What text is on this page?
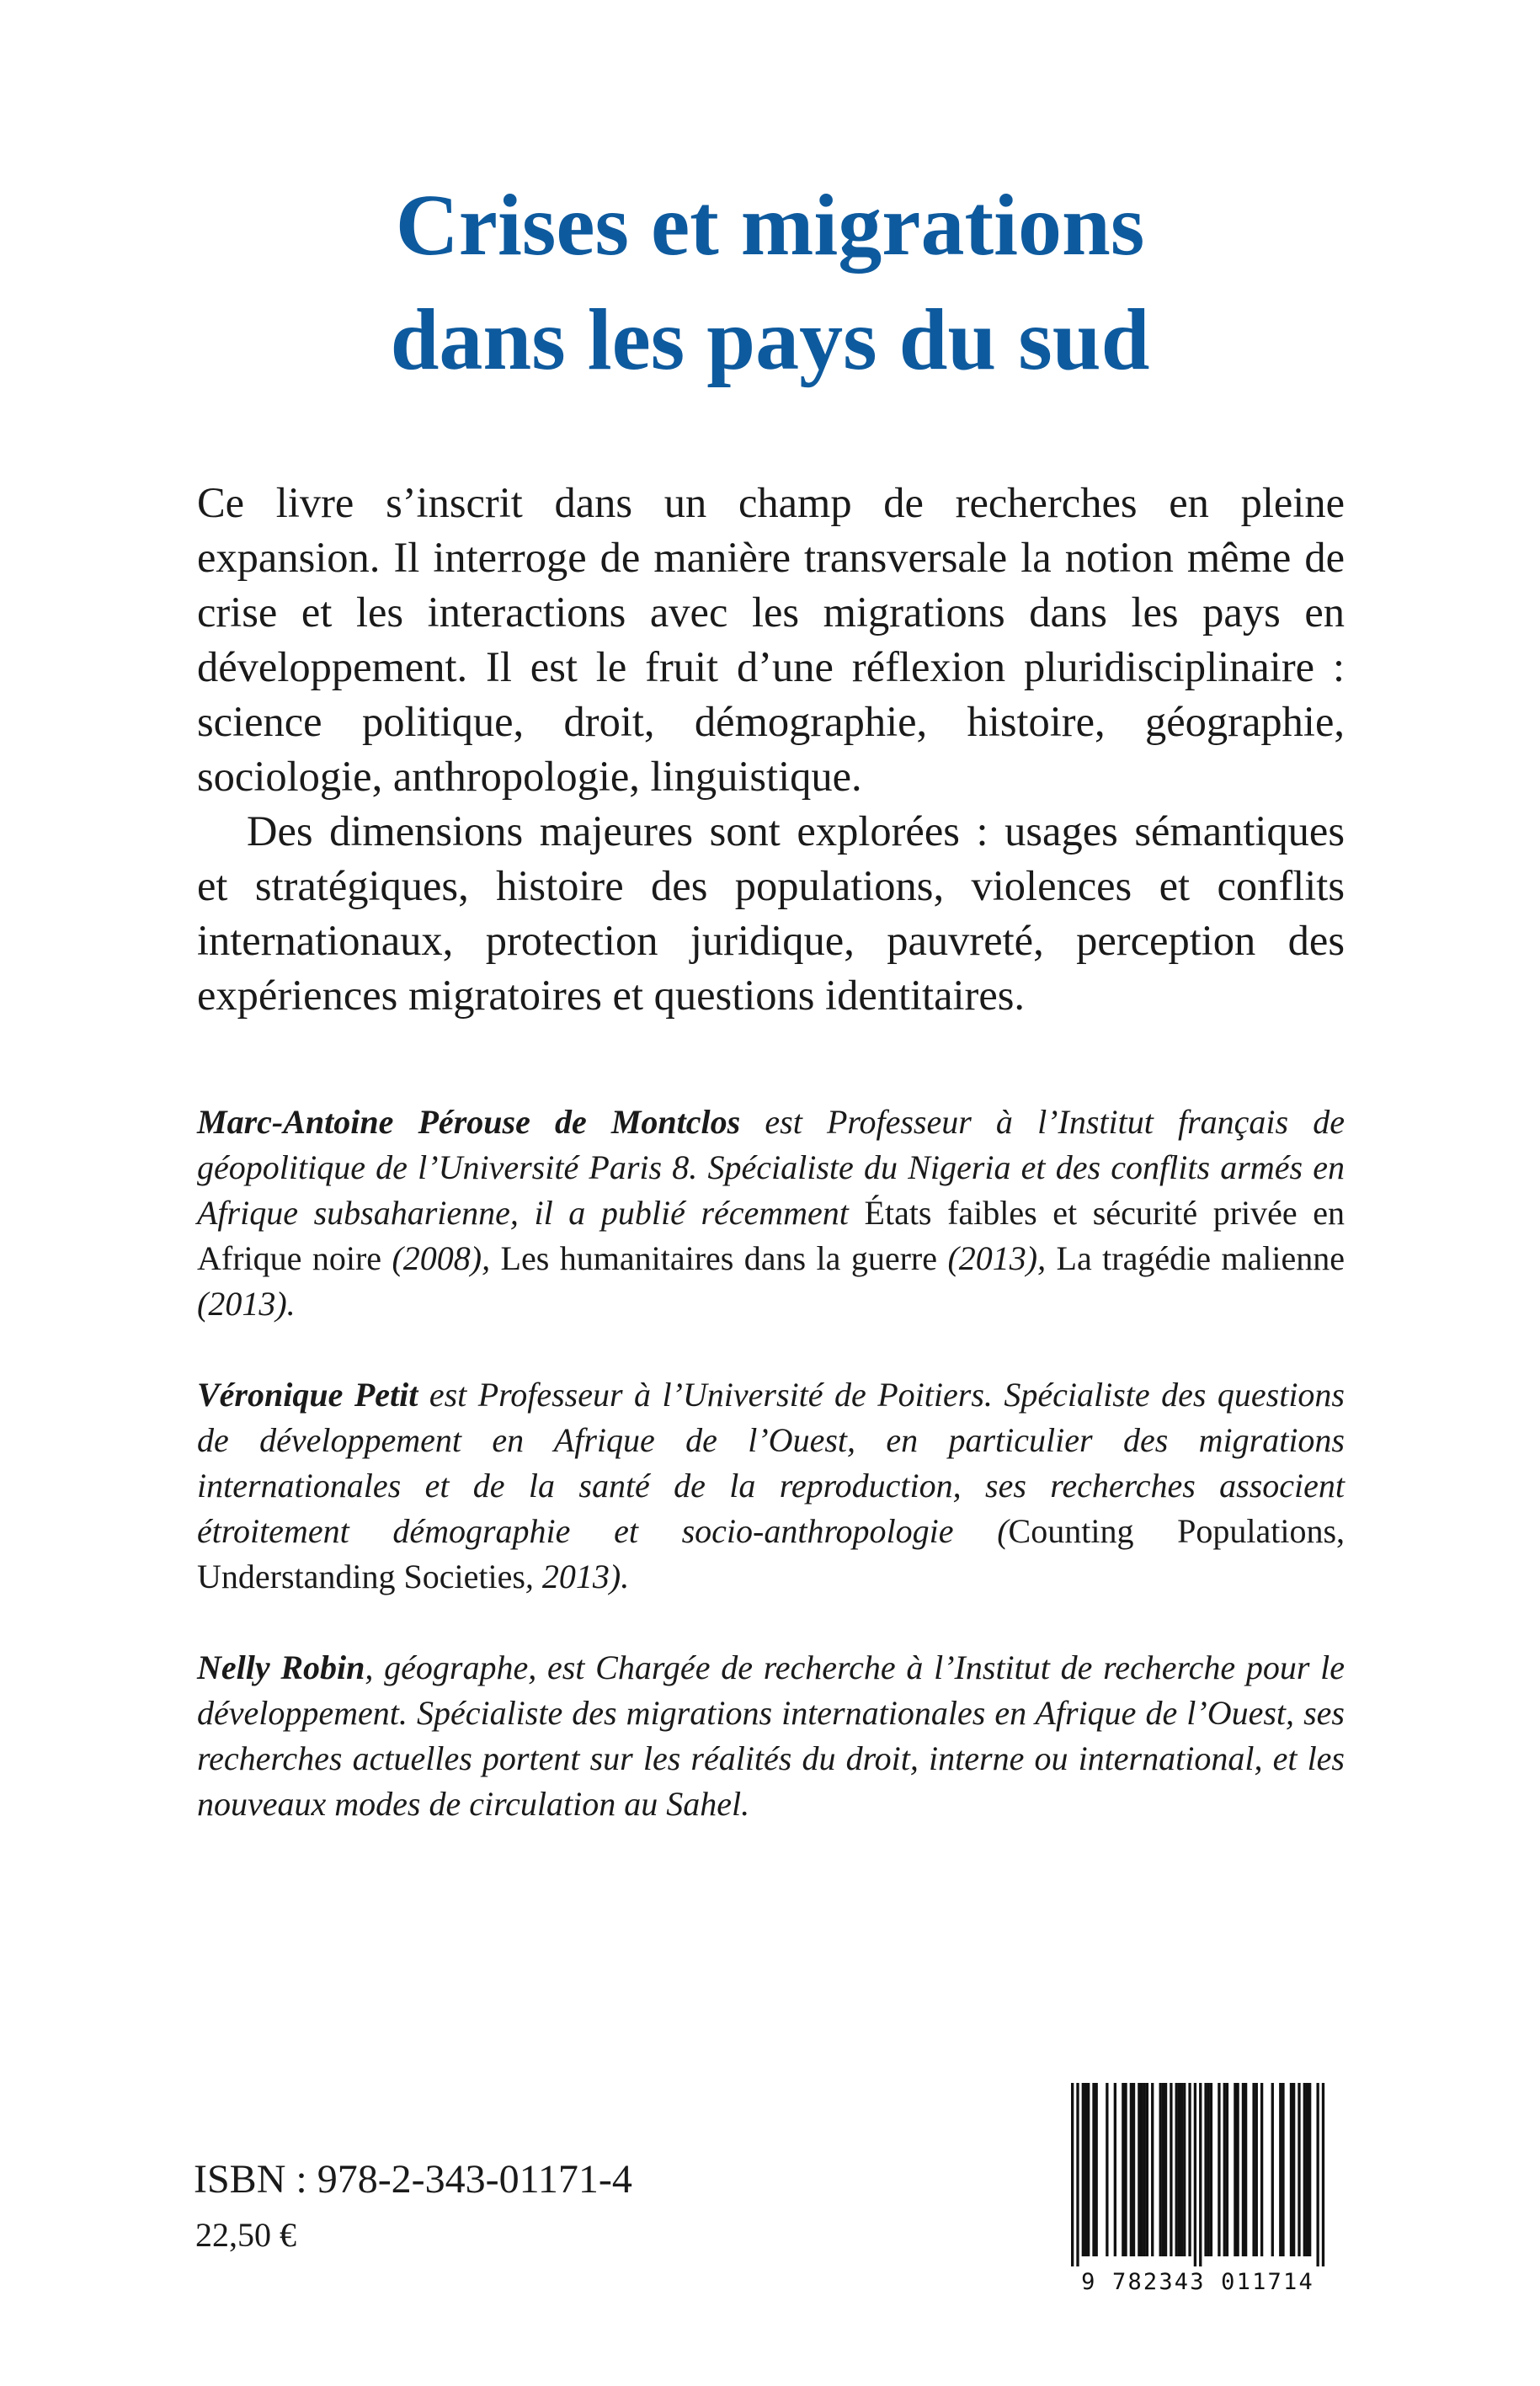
Crises et migrations
dans les pays du sud

Ce livre s’inscrit dans un champ de recherches en pleine expansion. Il interroge de manière transversale la notion même de crise et les interactions avec les migrations dans les pays en développement. Il est le fruit d’une réflexion pluridisciplinaire : science politique, droit, démographie, histoire, géographie, sociologie, anthropologie, linguistique.

Des dimensions majeures sont explorées : usages sémantiques et stratégiques, histoire des populations, violences et conflits internationaux, protection juridique, pauvreté, perception des expériences migratoires et questions identitaires.

Marc-Antoine Pérouse de Montclos est Professeur à l’Institut français de géopolitique de l’Université Paris 8. Spécialiste du Nigeria et des conflits armés en Afrique subsaharienne, il a publié récemment États faibles et sécurité privée en Afrique noire (2008), Les humanitaires dans la guerre (2013), La tragédie malienne (2013).

Véronique Petit est Professeur à l’Université de Poitiers. Spécialiste des questions de développement en Afrique de l’Ouest, en particulier des migrations internationales et de la santé de la reproduction, ses recherches associent étroitement démographie et socio-anthropologie (Counting Populations, Understanding Societies, 2013).

Nelly Robin, géographe, est Chargée de recherche à l’Institut de recherche pour le développement. Spécialiste des migrations internationales en Afrique de l’Ouest, ses recherches actuelles portent sur les réalités du droit, interne ou international, et les nouveaux modes de circulation au Sahel.

ISBN : 978-2-343-01171-4
22,50 €
9 782343 011714
